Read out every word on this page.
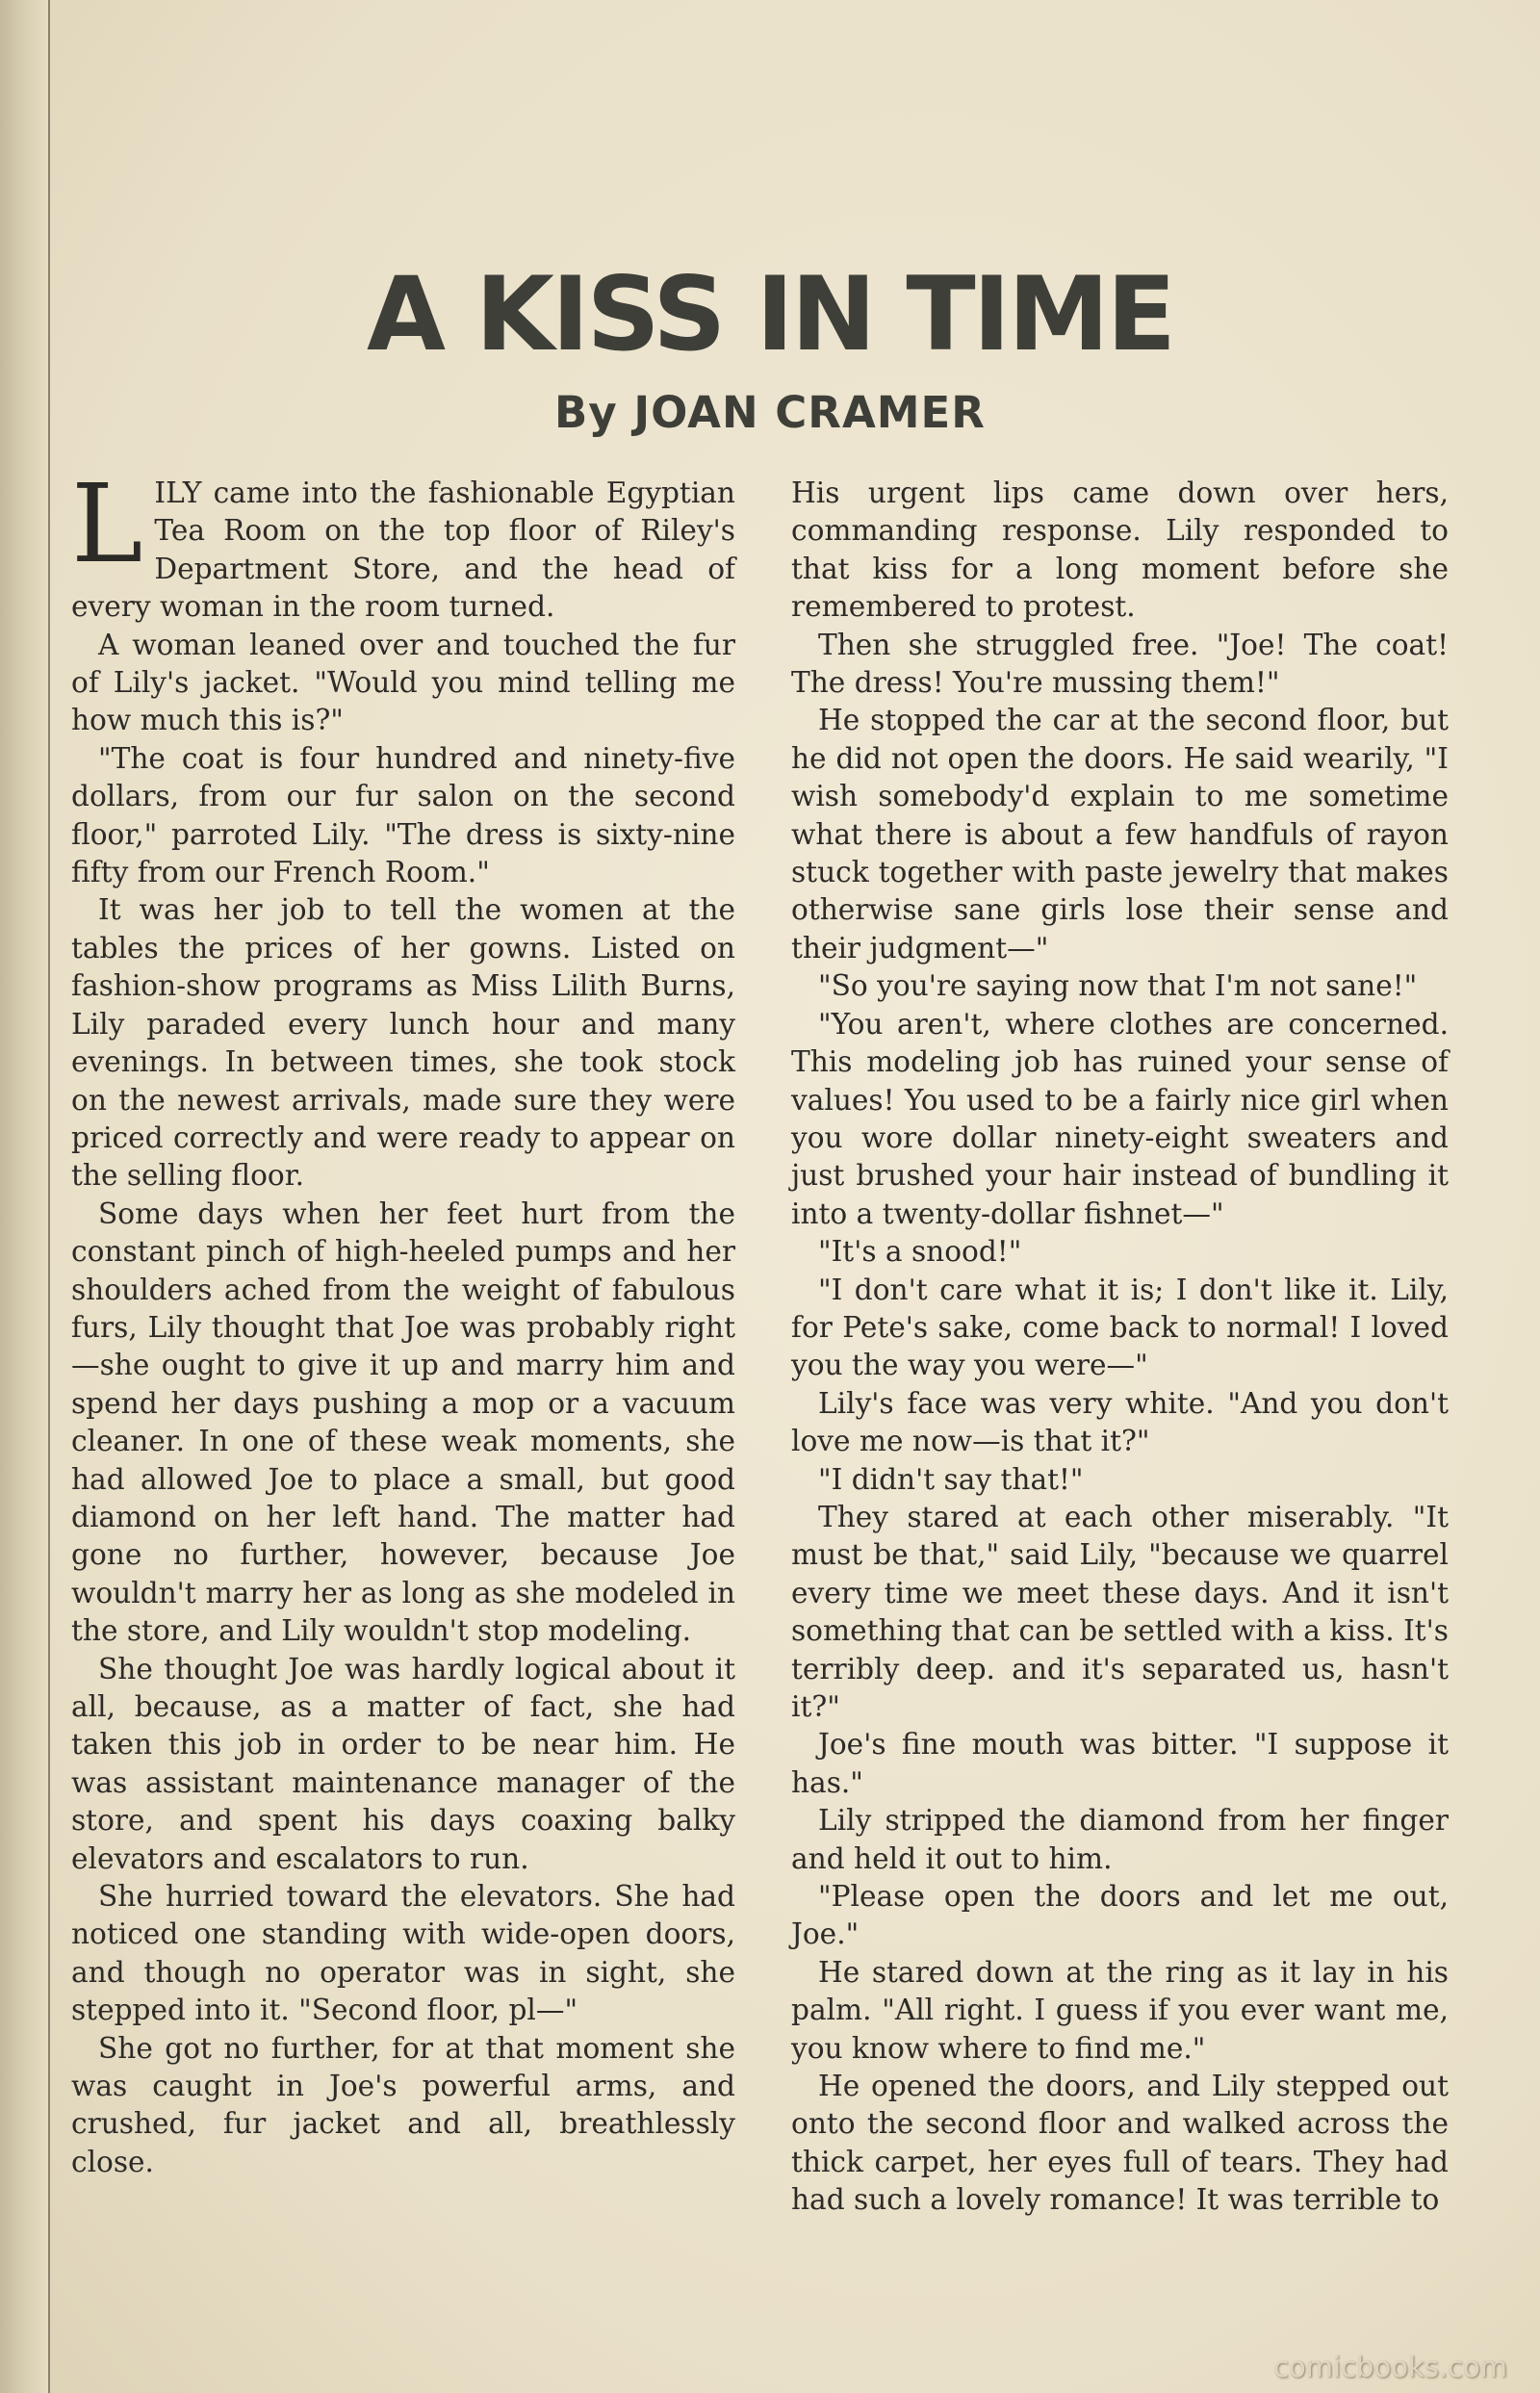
A KISS IN TIME
By JOAN CRAMER

LILY came into the fashionable Egyptian Tea Room on the top floor of Riley's Department Store, and the head of every woman in the room turned.

A woman leaned over and touched the fur of Lily's jacket. "Would you mind telling me how much this is?"

"The coat is four hundred and ninety-five dollars, from our fur salon on the second floor," parroted Lily. "The dress is sixty-nine fifty from our French Room."

It was her job to tell the women at the tables the prices of her gowns. Listed on fashion-show programs as Miss Lilith Burns, Lily paraded every lunch hour and many evenings. In between times, she took stock on the newest arrivals, made sure they were priced correctly and were ready to appear on the selling floor.

Some days when her feet hurt from the constant pinch of high-heeled pumps and her shoulders ached from the weight of fabulous furs, Lily thought that Joe was probably right —she ought to give it up and marry him and spend her days pushing a mop or a vacuum cleaner. In one of these weak moments, she had allowed Joe to place a small, but good diamond on her left hand. The matter had gone no further, however, because Joe wouldn't marry her as long as she modeled in the store, and Lily wouldn't stop modeling.

She thought Joe was hardly logical about it all, because, as a matter of fact, she had taken this job in order to be near him. He was assistant maintenance manager of the store, and spent his days coaxing balky elevators and escalators to run.

She hurried toward the elevators. She had noticed one standing with wide-open doors, and though no operator was in sight, she stepped into it. "Second floor, pl—"

She got no further, for at that moment she was caught in Joe's powerful arms, and crushed, fur jacket and all, breathlessly close.

His urgent lips came down over hers, commanding response. Lily responded to that kiss for a long moment before she remembered to protest.

Then she struggled free. "Joe! The coat! The dress! You're mussing them!"

He stopped the car at the second floor, but he did not open the doors. He said wearily, "I wish somebody'd explain to me sometime what there is about a few handfuls of rayon stuck together with paste jewelry that makes otherwise sane girls lose their sense and their judgment—"

"So you're saying now that I'm not sane!"

"You aren't, where clothes are concerned. This modeling job has ruined your sense of values! You used to be a fairly nice girl when you wore dollar ninety-eight sweaters and just brushed your hair instead of bundling it into a twenty-dollar fishnet—"

"It's a snood!"

"I don't care what it is; I don't like it. Lily, for Pete's sake, come back to normal! I loved you the way you were—"

Lily's face was very white. "And you don't love me now—is that it?"

"I didn't say that!"

They stared at each other miserably. "It must be that," said Lily, "because we quarrel every time we meet these days. And it isn't something that can be settled with a kiss. It's terribly deep. and it's separated us, hasn't it?"

Joe's fine mouth was bitter. "I suppose it has."

Lily stripped the diamond from her finger and held it out to him.

"Please open the doors and let me out, Joe."

He stared down at the ring as it lay in his palm. "All right. I guess if you ever want me, you know where to find me."

He opened the doors, and Lily stepped out onto the second floor and walked across the thick carpet, her eyes full of tears. They had had such a lovely romance! It was terrible to

comicbooks.com
